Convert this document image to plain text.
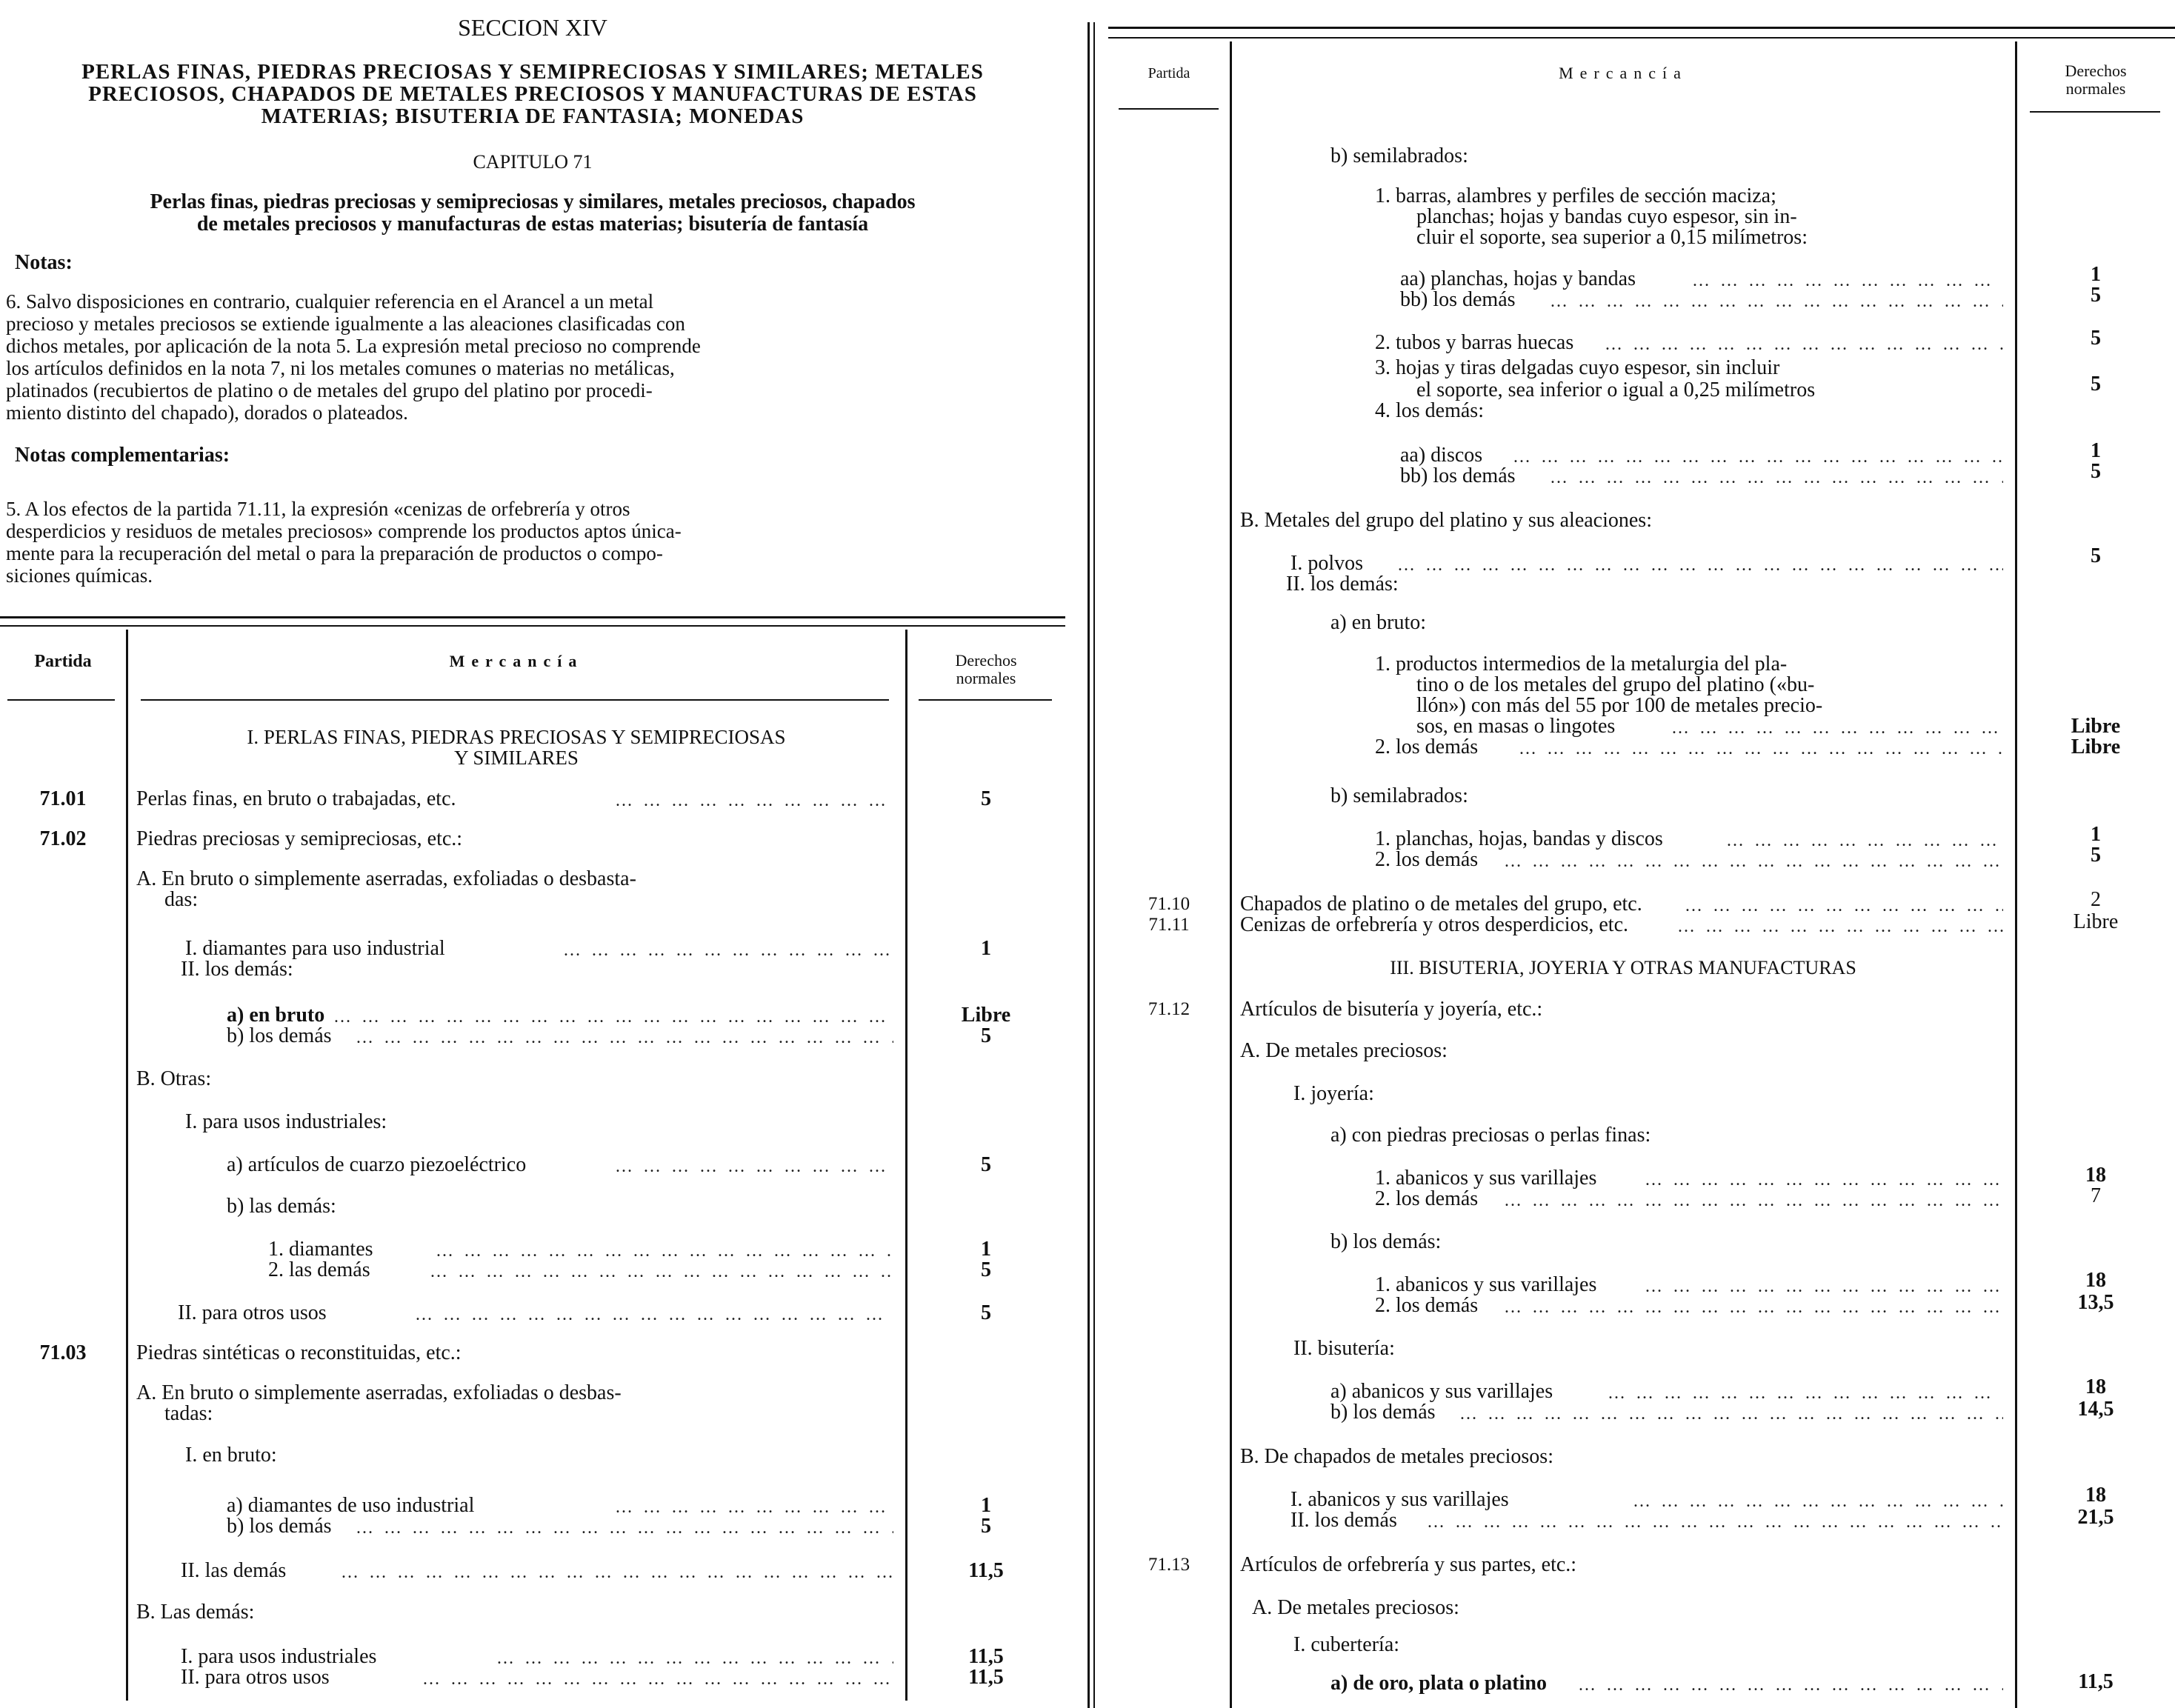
SECCION XIV
PERLAS FINAS, PIEDRAS PRECIOSAS Y SEMIPRECIOSAS Y SIMILARES; METALES
PRECIOSOS, CHAPADOS DE METALES PRECIOSOS Y MANUFACTURAS DE ESTAS
MATERIAS; BISUTERIA DE FANTASIA; MONEDAS
CAPITULO 71
Perlas finas, piedras preciosas y semipreciosas y similares, metales preciosos, chapados
de metales preciosos y manufacturas de estas materias; bisutería de fantasía
Notas:
6. Salvo disposiciones en contrario, cualquier referencia en el Arancel a un metal
precioso y metales preciosos se extiende igualmente a las aleaciones clasificadas con
dichos metales, por aplicación de la nota 5. La expresión metal precioso no comprende
los artículos definidos en la nota 7, ni los metales comunes o materias no metálicas,
platinados (recubiertos de platino o de metales del grupo del platino por procedi-
miento distinto del chapado), dorados o plateados.
Notas complementarias:
5. A los efectos de la partida 71.11, la expresión «cenizas de orfebrería y otros
desperdicios y residuos de metales preciosos» comprende los productos aptos única-
mente para la recuperación del metal o para la preparación de productos o compo-
siciones químicas.
Partida	Mercancía	Derechos
normales
I. PERLAS FINAS, PIEDRAS PRECIOSAS Y SEMIPRECIOSAS
Y SIMILARES
71.01	Perlas finas, en bruto o trabajadas, etc. … … … … … … … … … … … … … … … … … … … … … … … … … … … … … … … … … … … … … … … … … … … … … … … … …	5
71.02	Piedras preciosas y semipreciosas, etc.:
A. En bruto o simplemente aserradas, exfoliadas o desbasta-
das:
I. diamantes para uso industrial … … … … … … … … … … … … … … … … … … … … … … … … … … … … … … … … … … … … … … … … … … … … … … … … …	1
II. los demás:
a) en bruto … … … … … … … … … … … … … … … … … … … … … … … … … … … … … … … … … … … … … … … … … … … … … … … … …	Libre
b) los demás … … … … … … … … … … … … … … … … … … … … … … … … … … … … … … … … … … … … … … … … … … … … … … … … …	5
B. Otras:
I. para usos industriales:
a) artículos de cuarzo piezoeléctrico … … … … … … … … … … … … … … … … … … … … … … … … … … … … … … … … … … … … … … … … … … … … … … … … …	5
b) las demás:
1. diamantes … … … … … … … … … … … … … … … … … … … … … … … … … … … … … … … … … … … … … … … … … … … … … … … … …	1
2. las demás … … … … … … … … … … … … … … … … … … … … … … … … … … … … … … … … … … … … … … … … … … … … … … … … …	5
II. para otros usos … … … … … … … … … … … … … … … … … … … … … … … … … … … … … … … … … … … … … … … … … … … … … … … … …	5
71.03	Piedras sintéticas o reconstituidas, etc.:
A. En bruto o simplemente aserradas, exfoliadas o desbas-
tadas:
I. en bruto:
a) diamantes de uso industrial … … … … … … … … … … … … … … … … … … … … … … … … … … … … … … … … … … … … … … … … … … … … … … … … …	1
b) los demás … … … … … … … … … … … … … … … … … … … … … … … … … … … … … … … … … … … … … … … … … … … … … … … … …	5
II. las demás … … … … … … … … … … … … … … … … … … … … … … … … … … … … … … … … … … … … … … … … … … … … … … … … …	11,5
B. Las demás:
I. para usos industriales … … … … … … … … … … … … … … … … … … … … … … … … … … … … … … … … … … … … … … … … … … … … … … … … …	11,5
II. para otros usos … … … … … … … … … … … … … … … … … … … … … … … … … … … … … … … … … … … … … … … … … … … … … … … … …	11,5
Partida	Mercancía	Derechos
normales
b) semilabrados:
1. barras, alambres y perfiles de sección maciza;
planchas; hojas y bandas cuyo espesor, sin in-
cluir el soporte, sea superior a 0,15 milímetros:
aa) planchas, hojas y bandas … … … … … … … … … … … … … … … … … … … … … … … … … … … … … … … … … … … … … … … … … … … … … … … … …	1
bb) los demás … … … … … … … … … … … … … … … … … … … … … … … … … … … … … … … … … … … … … … … … … … … … … … … … …	5
2. tubos y barras huecas … … … … … … … … … … … … … … … … … … … … … … … … … … … … … … … … … … … … … … … … … … … … … … … … …	5
3. hojas y tiras delgadas cuyo espesor, sin incluir
el soporte, sea inferior o igual a 0,25 milímetros	5
4. los demás:
aa) discos … … … … … … … … … … … … … … … … … … … … … … … … … … … … … … … … … … … … … … … … … … … … … … … … …	1
bb) los demás … … … … … … … … … … … … … … … … … … … … … … … … … … … … … … … … … … … … … … … … … … … … … … … … …	5
B. Metales del grupo del platino y sus aleaciones:
I. polvos … … … … … … … … … … … … … … … … … … … … … … … … … … … … … … … … … … … … … … … … … … … … … … … … …	5
II. los demás:
a) en bruto:
1. productos intermedios de la metalurgia del pla-
tino o de los metales del grupo del platino («bu-
llón») con más del 55 por 100 de metales precio-
sos, en masas o lingotes … … … … … … … … … … … … … … … … … … … … … … … … … … … … … … … … … … … … … … … … … … … … … … … … …	Libre
2. los demás … … … … … … … … … … … … … … … … … … … … … … … … … … … … … … … … … … … … … … … … … … … … … … … … …	Libre
b) semilabrados:
1. planchas, hojas, bandas y discos … … … … … … … … … … … … … … … … … … … … … … … … … … … … … … … … … … … … … … … … … … … … … … … … …	1
2. los demás … … … … … … … … … … … … … … … … … … … … … … … … … … … … … … … … … … … … … … … … … … … … … … … … …	5
71.10	Chapados de platino o de metales del grupo, etc. … … … … … … … … … … … … … … … … … … … … … … … … … … … … … … … … … … … … … … … … … … … … … … … … …	2
71.11	Cenizas de orfebrería y otros desperdicios, etc. … … … … … … … … … … … … … … … … … … … … … … … … … … … … … … … … … … … … … … … … … … … … … … … … …	Libre
III. BISUTERIA, JOYERIA Y OTRAS MANUFACTURAS
71.12	Artículos de bisutería y joyería, etc.:
A. De metales preciosos:
I. joyería:
a) con piedras preciosas o perlas finas:
1. abanicos y sus varillajes … … … … … … … … … … … … … … … … … … … … … … … … … … … … … … … … … … … … … … … … … … … … … … … … …	18
2. los demás … … … … … … … … … … … … … … … … … … … … … … … … … … … … … … … … … … … … … … … … … … … … … … … … …	7
b) los demás:
1. abanicos y sus varillajes … … … … … … … … … … … … … … … … … … … … … … … … … … … … … … … … … … … … … … … … … … … … … … … … …	18
2. los demás … … … … … … … … … … … … … … … … … … … … … … … … … … … … … … … … … … … … … … … … … … … … … … … … …	13,5
II. bisutería:
a) abanicos y sus varillajes … … … … … … … … … … … … … … … … … … … … … … … … … … … … … … … … … … … … … … … … … … … … … … … … …	18
b) los demás … … … … … … … … … … … … … … … … … … … … … … … … … … … … … … … … … … … … … … … … … … … … … … … … …	14,5
B. De chapados de metales preciosos:
I. abanicos y sus varillajes … … … … … … … … … … … … … … … … … … … … … … … … … … … … … … … … … … … … … … … … … … … … … … … … …	18
II. los demás … … … … … … … … … … … … … … … … … … … … … … … … … … … … … … … … … … … … … … … … … … … … … … … … …	21,5
71.13	Artículos de orfebrería y sus partes, etc.:
A. De metales preciosos:
I. cubertería:
a) de oro, plata o platino … … … … … … … … … … … … … … … … … … … … … … … … … … … … … … … … … … … … … … … … … … … … … … … … …	11,5
